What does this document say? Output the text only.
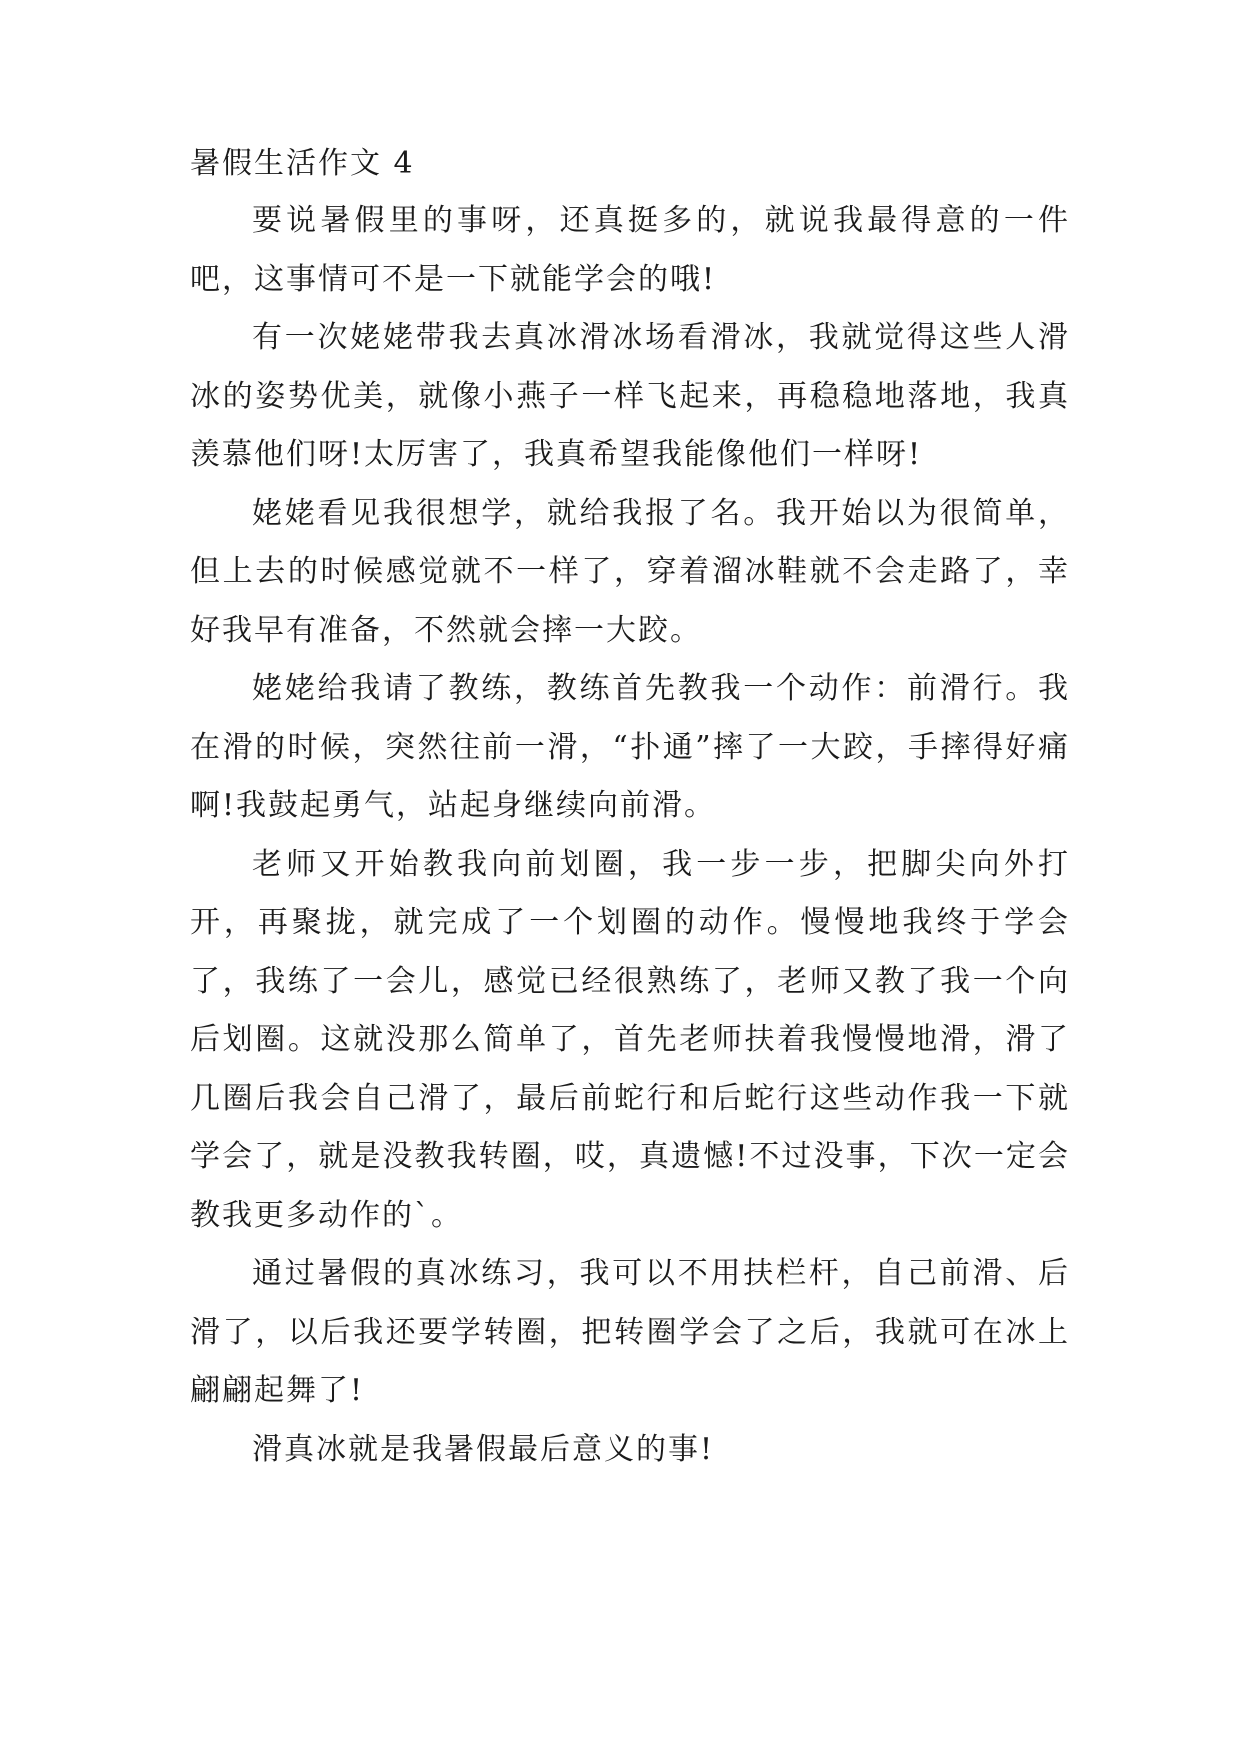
暑假生活作文 4

要说暑假里的事呀，还真挺多的，就说我最得意的一件吧，这事情可不是一下就能学会的哦!

有一次姥姥带我去真冰滑冰场看滑冰，我就觉得这些人滑冰的姿势优美，就像小燕子一样飞起来，再稳稳地落地，我真羡慕他们呀!太厉害了，我真希望我能像他们一样呀!

姥姥看见我很想学，就给我报了名。我开始以为很简单，但上去的时候感觉就不一样了，穿着溜冰鞋就不会走路了，幸好我早有准备，不然就会摔一大跤。

姥姥给我请了教练，教练首先教我一个动作：前滑行。我在滑的时候，突然往前一滑，“扑通”摔了一大跤，手摔得好痛啊!我鼓起勇气，站起身继续向前滑。

老师又开始教我向前划圈，我一步一步，把脚尖向外打开，再聚拢，就完成了一个划圈的动作。慢慢地我终于学会了，我练了一会儿，感觉已经很熟练了，老师又教了我一个向后划圈。这就没那么简单了，首先老师扶着我慢慢地滑，滑了几圈后我会自己滑了，最后前蛇行和后蛇行这些动作我一下就学会了，就是没教我转圈，哎，真遗憾!不过没事，下次一定会教我更多动作的`。

通过暑假的真冰练习，我可以不用扶栏杆，自己前滑、后滑了，以后我还要学转圈，把转圈学会了之后，我就可在冰上翩翩起舞了!

滑真冰就是我暑假最后意义的事!
